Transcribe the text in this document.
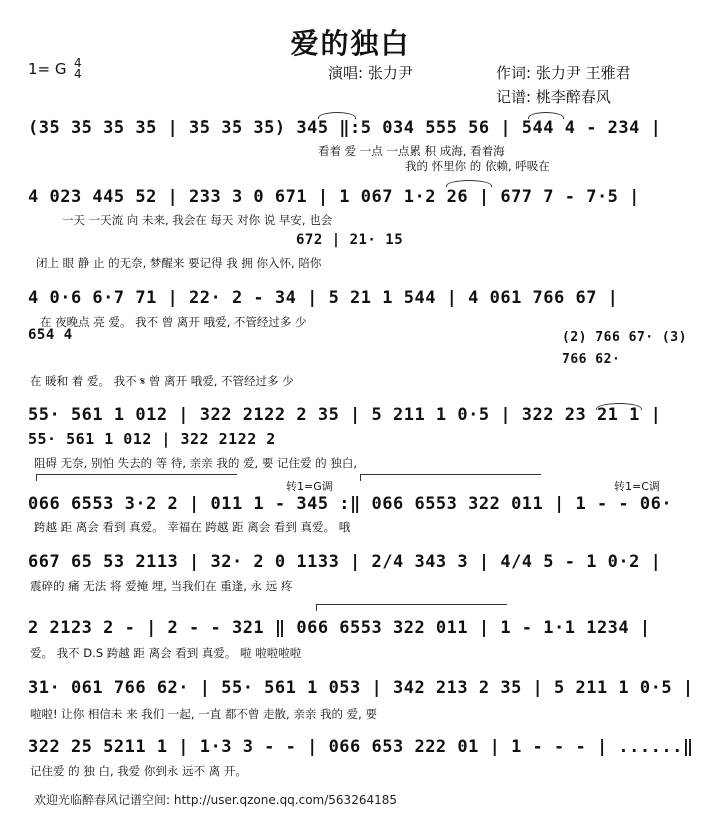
爱的独白
1= G 4
4	演唱: 张力尹	作词: 张力尹 王雅君
记谱: 桃李醉春风
(3̇5 3̇5 3̇5 3̇5 | 3̇5 3̇5 3̇5) 345 ‖:5 034 555 56 | 544 4 - 234 |
看着 爱 一点 一点累 积 成海, 看着海
我的 怀里你 的 依赖, 呼吸在
4 023 445 52 | 233 3 0 671 | 1 067 1·2 26 | 677 7 - 7·5 |
一天 一天流 向 未来, 我会在 每天 对你 说 早安, 也会
672 | 21· 15
闭上 眼 静 止 的无奈, 梦醒来 要记得 我 拥 你入怀, 陪你
4 0·6 6·7 71 | 22· 2 - 34 | 5 21 1 544 | 4 061 766 67 |
在 夜晚点 亮 爱。 我不 曾 离开 哦爱, 不管经过多 少
654 4	(2) 766 67· (3) 766 62·
在 暖和 着 爱。 我不 𝄋 曾 离开 哦爱, 不管经过多 少
55· 561 1 012 | 322 2122 2 35 | 5 211 1 0·5 | 322 23 21 1 |
55· 561 1 012 | 322 2122 2
阻碍 无奈, 别怕 失去的 等 待, 亲亲 我的 爱, 要 记住爱 的 独白,
转1=G调	转1=C调
066 6553 3·2 2 | 011 1 - 345 :‖ 066 6553 322 011 | 1 - - 06·
跨越 距 离会 看到 真爱。 幸福在 跨越 距 离会 看到 真爱。 哦
667 65 53 2113 | 32· 2 0 1133 | 2/4 343 3 | 4/4 5 - 1 0·2 |
震碎的 痛 无法 将 爱掩 埋, 当我们在 重逢, 永 远 疼
2 2123 2 - | 2 - - 321 ‖ 066 6553 322 011 | 1 - 1·1 1234 |
爱。 我不 D.S 跨越 距 离会 看到 真爱。 啦 啦啦啦啦
31· 061 766 62· | 55· 561 1 053 | 342 213 2 35 | 5 211 1 0·5 |
啦啦! 让你 相信未 来 我们 一起, 一直 都不曾 走散, 亲亲 我的 爱, 要
322 25 5211 1 | 1·3 3 - - | 066 653 222 01 | 1 - - - | ......‖
记住爱 的 独 白, 我爱 你到永 远不 离 开。
欢迎光临醉春风记谱空间: http://user.qzone.qq.com/563264185
